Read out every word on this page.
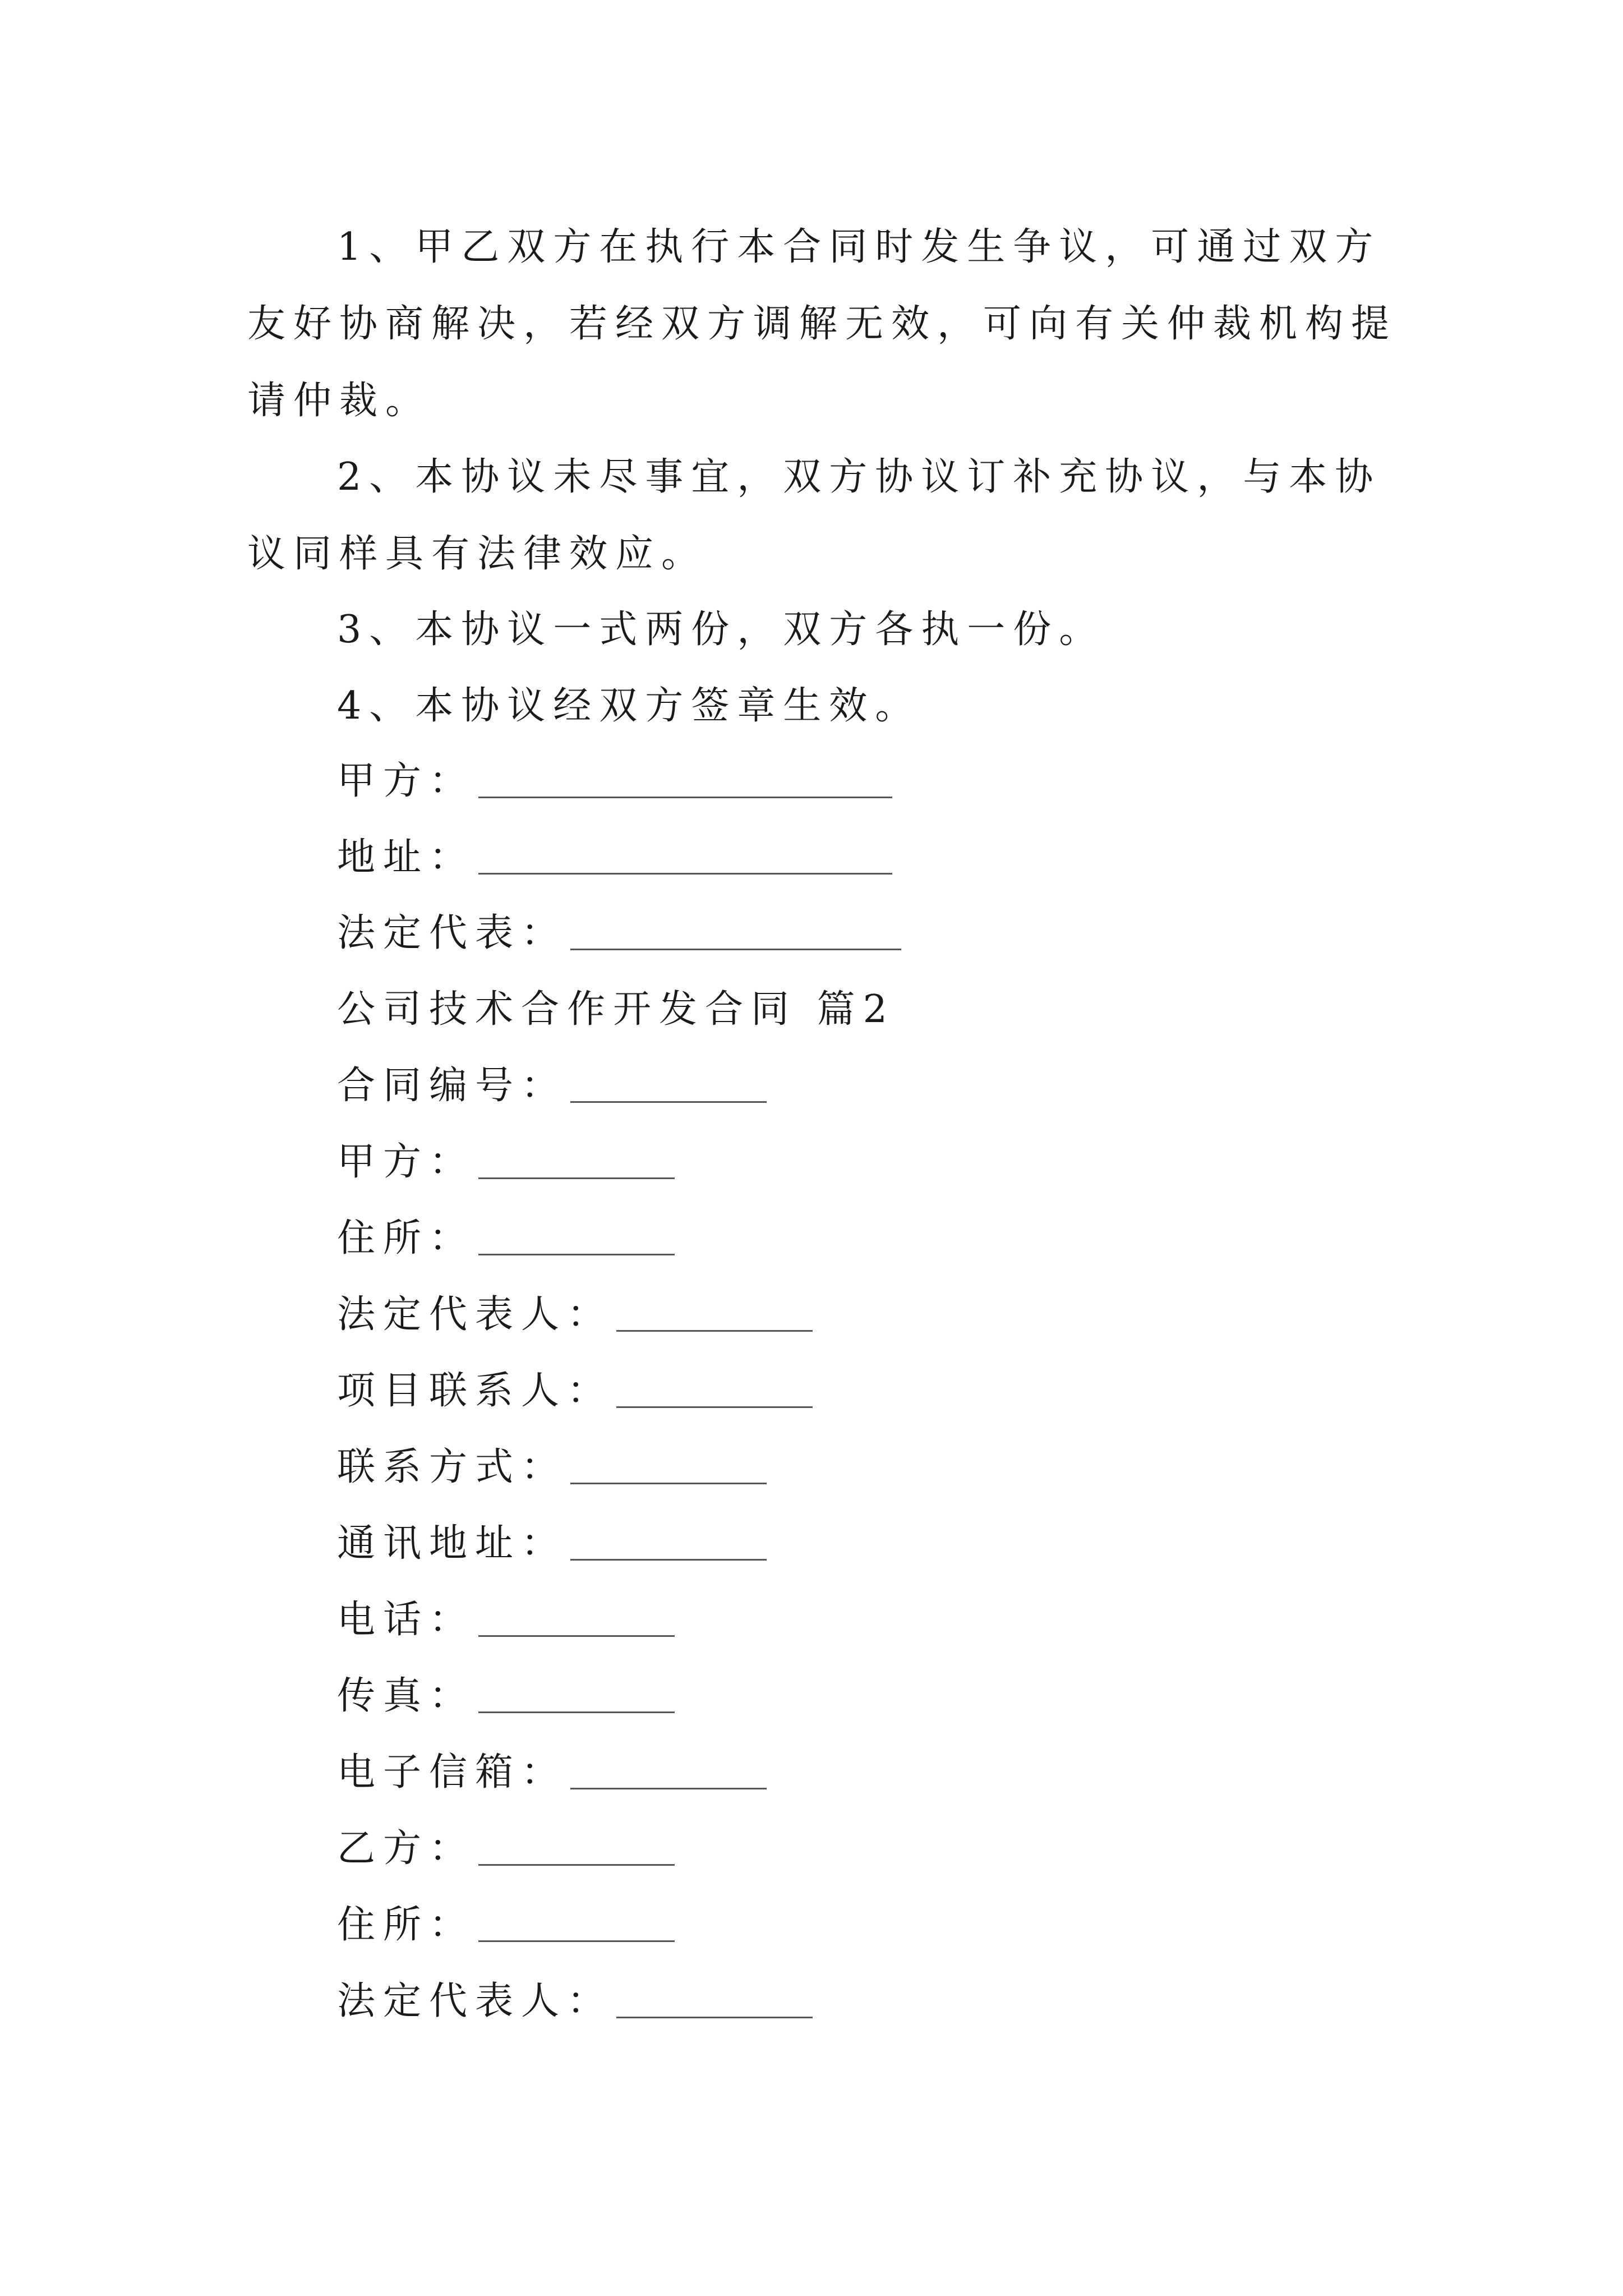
1、甲乙双方在执行本合同时发生争议，可通过双方友好协商解决，若经双方调解无效，可向有关仲裁机构提请仲裁。
2、本协议未尽事宜，双方协议订补充协议，与本协议同样具有法律效应。
3、本协议一式两份，双方各执一份。
4、本协议经双方签章生效。
甲方：
地址：
法定代表：
公司技术合作开发合同 篇2
合同编号：
甲方：
住所：
法定代表人：
项目联系人：
联系方式：
通讯地址：
电话：
传真：
电子信箱：
乙方：
住所：
法定代表人：
